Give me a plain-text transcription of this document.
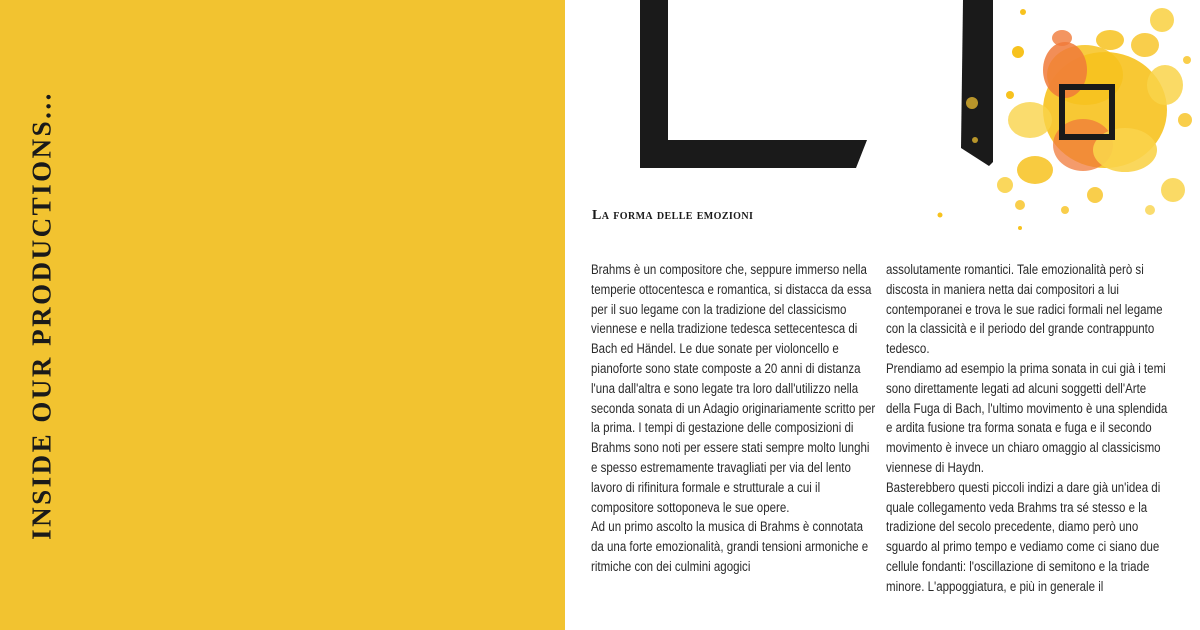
INSIDE OUR PRODUCTIONS...	La forma delle emozioni

Brahms è un compositore che, seppure immerso nella temperie ottocentesca e romantica, si distacca da essa per il suo legame con la tradizione del classicismo viennese e nella tradizione tedesca settecentesca di Bach ed Händel. Le due sonate per violoncello e pianoforte sono state composte a 20 anni di distanza l'una dall'altra e sono legate tra loro dall'utilizzo nella seconda sonata di un Adagio originariamente scritto per la prima. I tempi di gestazione delle composizioni di Brahms sono noti per essere stati sempre molto lunghi e spesso estremamente travagliati per via del lento lavoro di rifinitura formale e strutturale a cui il compositore sottoponeva le sue opere.

Ad un primo ascolto la musica di Brahms è connotata da una forte emozionalità, grandi tensioni armoniche e ritmiche con dei culmini agogici

assolutamente romantici. Tale emozionalità però si discosta in maniera netta dai compositori a lui contemporanei e trova le sue radici formali nel legame con la classicità e il periodo del grande contrappunto tedesco.

Prendiamo ad esempio la prima sonata in cui già i temi sono direttamente legati ad alcuni soggetti dell'Arte della Fuga di Bach, l'ultimo movimento è una splendida e ardita fusione tra forma sonata e fuga e il secondo movimento è invece un chiaro omaggio al classicismo viennese di Haydn.

Basterebbero questi piccoli indizi a dare già un'idea di quale collegamento veda Brahms tra sé stesso e la tradizione del secolo precedente, diamo però uno sguardo al primo tempo e vediamo come ci siano due cellule fondanti: l'oscillazione di semitono e la triade minore. L'appoggiatura, e più in generale il
